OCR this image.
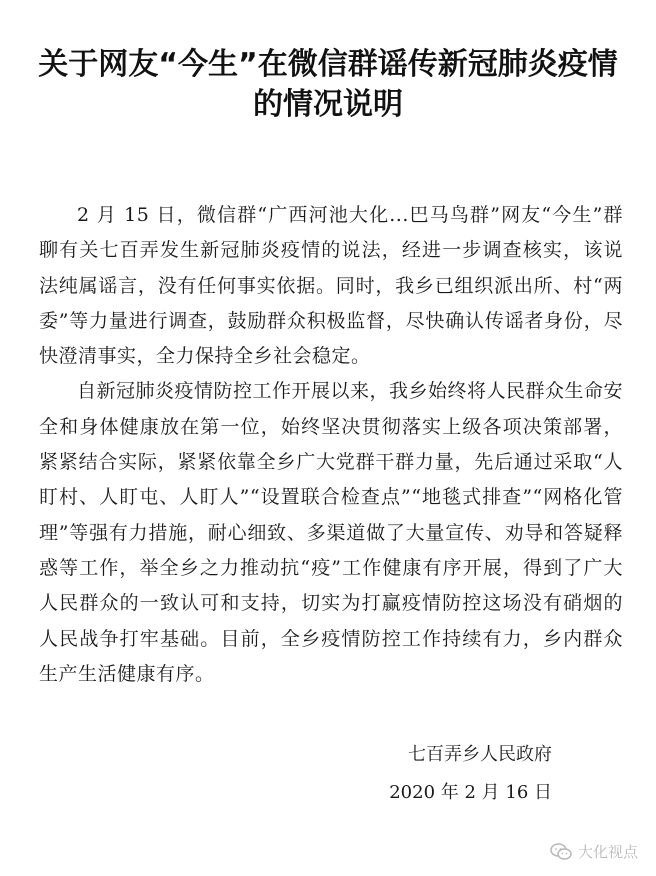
关于网友“今生”在微信群谣传新冠肺炎疫情
的情况说明

2 月 15 日，微信群“广西河池大化...巴马鸟群”网友“今生”群聊有关七百弄发生新冠肺炎疫情的说法，经进一步调查核实，该说法纯属谣言，没有任何事实依据。同时，我乡已组织派出所、村“两委”等力量进行调查，鼓励群众积极监督，尽快确认传谣者身份，尽快澄清事实，全力保持全乡社会稳定。

自新冠肺炎疫情防控工作开展以来，我乡始终将人民群众生命安全和身体健康放在第一位，始终坚决贯彻落实上级各项决策部署，紧紧结合实际，紧紧依靠全乡广大党群干群力量，先后通过采取“人盯村、人盯屯、人盯人”“设置联合检查点”“地毯式排查”“网格化管理”等强有力措施，耐心细致、多渠道做了大量宣传、劝导和答疑释惑等工作，举全乡之力推动抗“疫”工作健康有序开展，得到了广大人民群众的一致认可和支持，切实为打赢疫情防控这场没有硝烟的人民战争打牢基础。目前，全乡疫情防控工作持续有力，乡内群众生产生活健康有序。

七百弄乡人民政府
2020 年 2 月 16 日
大化视点
